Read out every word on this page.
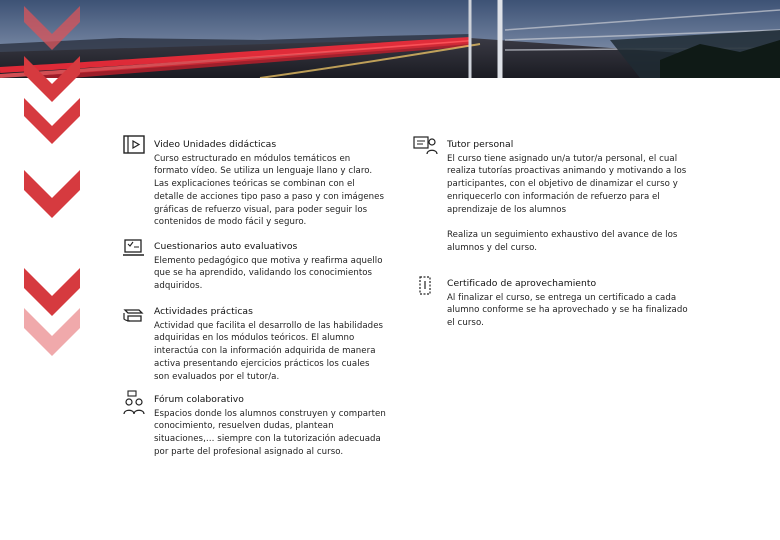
Video Unidades didácticas
Curso estructurado en módulos temáticos en formato vídeo. Se utiliza un lenguaje llano y claro. Las explicaciones teóricas se combinan con el detalle de acciones tipo paso a paso y con imágenes gráficas de refuerzo visual, para poder seguir los contenidos de modo fácil y seguro.
Cuestionarios auto evaluativos
Elemento pedagógico que motiva y reafirma aquello que se ha aprendido, validando los conocimientos adquiridos.
Actividades prácticas
Actividad que facilita el desarrollo de las habilidades adquiridas en los módulos teóricos. El alumno interactúa con la información adquirida de manera activa presentando ejercicios prácticos los cuales son evaluados por el tutor/a.
Fórum colaborativo
Espacios donde los alumnos construyen y comparten conocimiento, resuelven dudas, plantean situaciones,… siempre con la tutorización adecuada por parte del profesional asignado al curso.
Tutor personal
El curso tiene asignado un/a tutor/a personal, el cual realiza tutorías proactivas animando y motivando a los participantes, con el objetivo de dinamizar el curso y enriquecerlo con información de refuerzo para el aprendizaje de los alumnos
Realiza un seguimiento exhaustivo del avance de los alumnos y del curso.
Certificado de aprovechamiento
Al finalizar el curso, se entrega un certificado a cada alumno conforme se ha aprovechado y se ha finalizado el curso.
